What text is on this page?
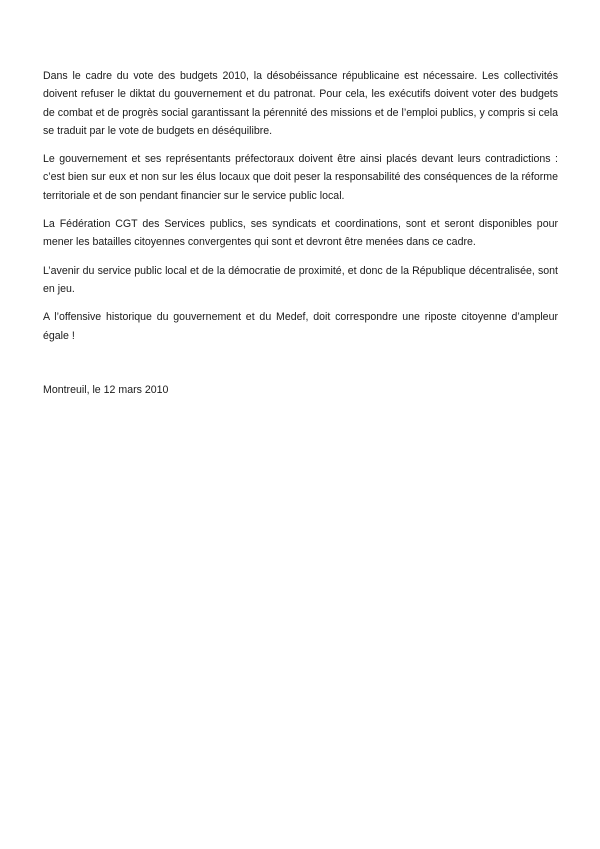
Dans le cadre du vote des budgets 2010, la désobéissance républicaine est nécessaire. Les collectivités doivent refuser le diktat du gouvernement et du patronat. Pour cela, les exécutifs doivent voter des budgets de combat et de progrès social garantissant la pérennité des missions et de l’emploi publics, y compris si cela se traduit par le vote de budgets en déséquilibre.

Le gouvernement et ses représentants préfectoraux doivent être ainsi placés devant leurs contradictions : c’est bien sur eux et non sur les élus locaux que doit peser la responsabilité des conséquences de la réforme territoriale et de son pendant financier sur le service public local.

La Fédération CGT des Services publics, ses syndicats et coordinations, sont et seront disponibles pour mener les batailles citoyennes convergentes qui sont et devront être menées dans ce cadre.

L’avenir du service public local et de la démocratie de proximité, et donc de la République décentralisée, sont en jeu.

A l’offensive historique du gouvernement et du Medef, doit correspondre une riposte citoyenne d’ampleur égale !

Montreuil, le 12 mars 2010
